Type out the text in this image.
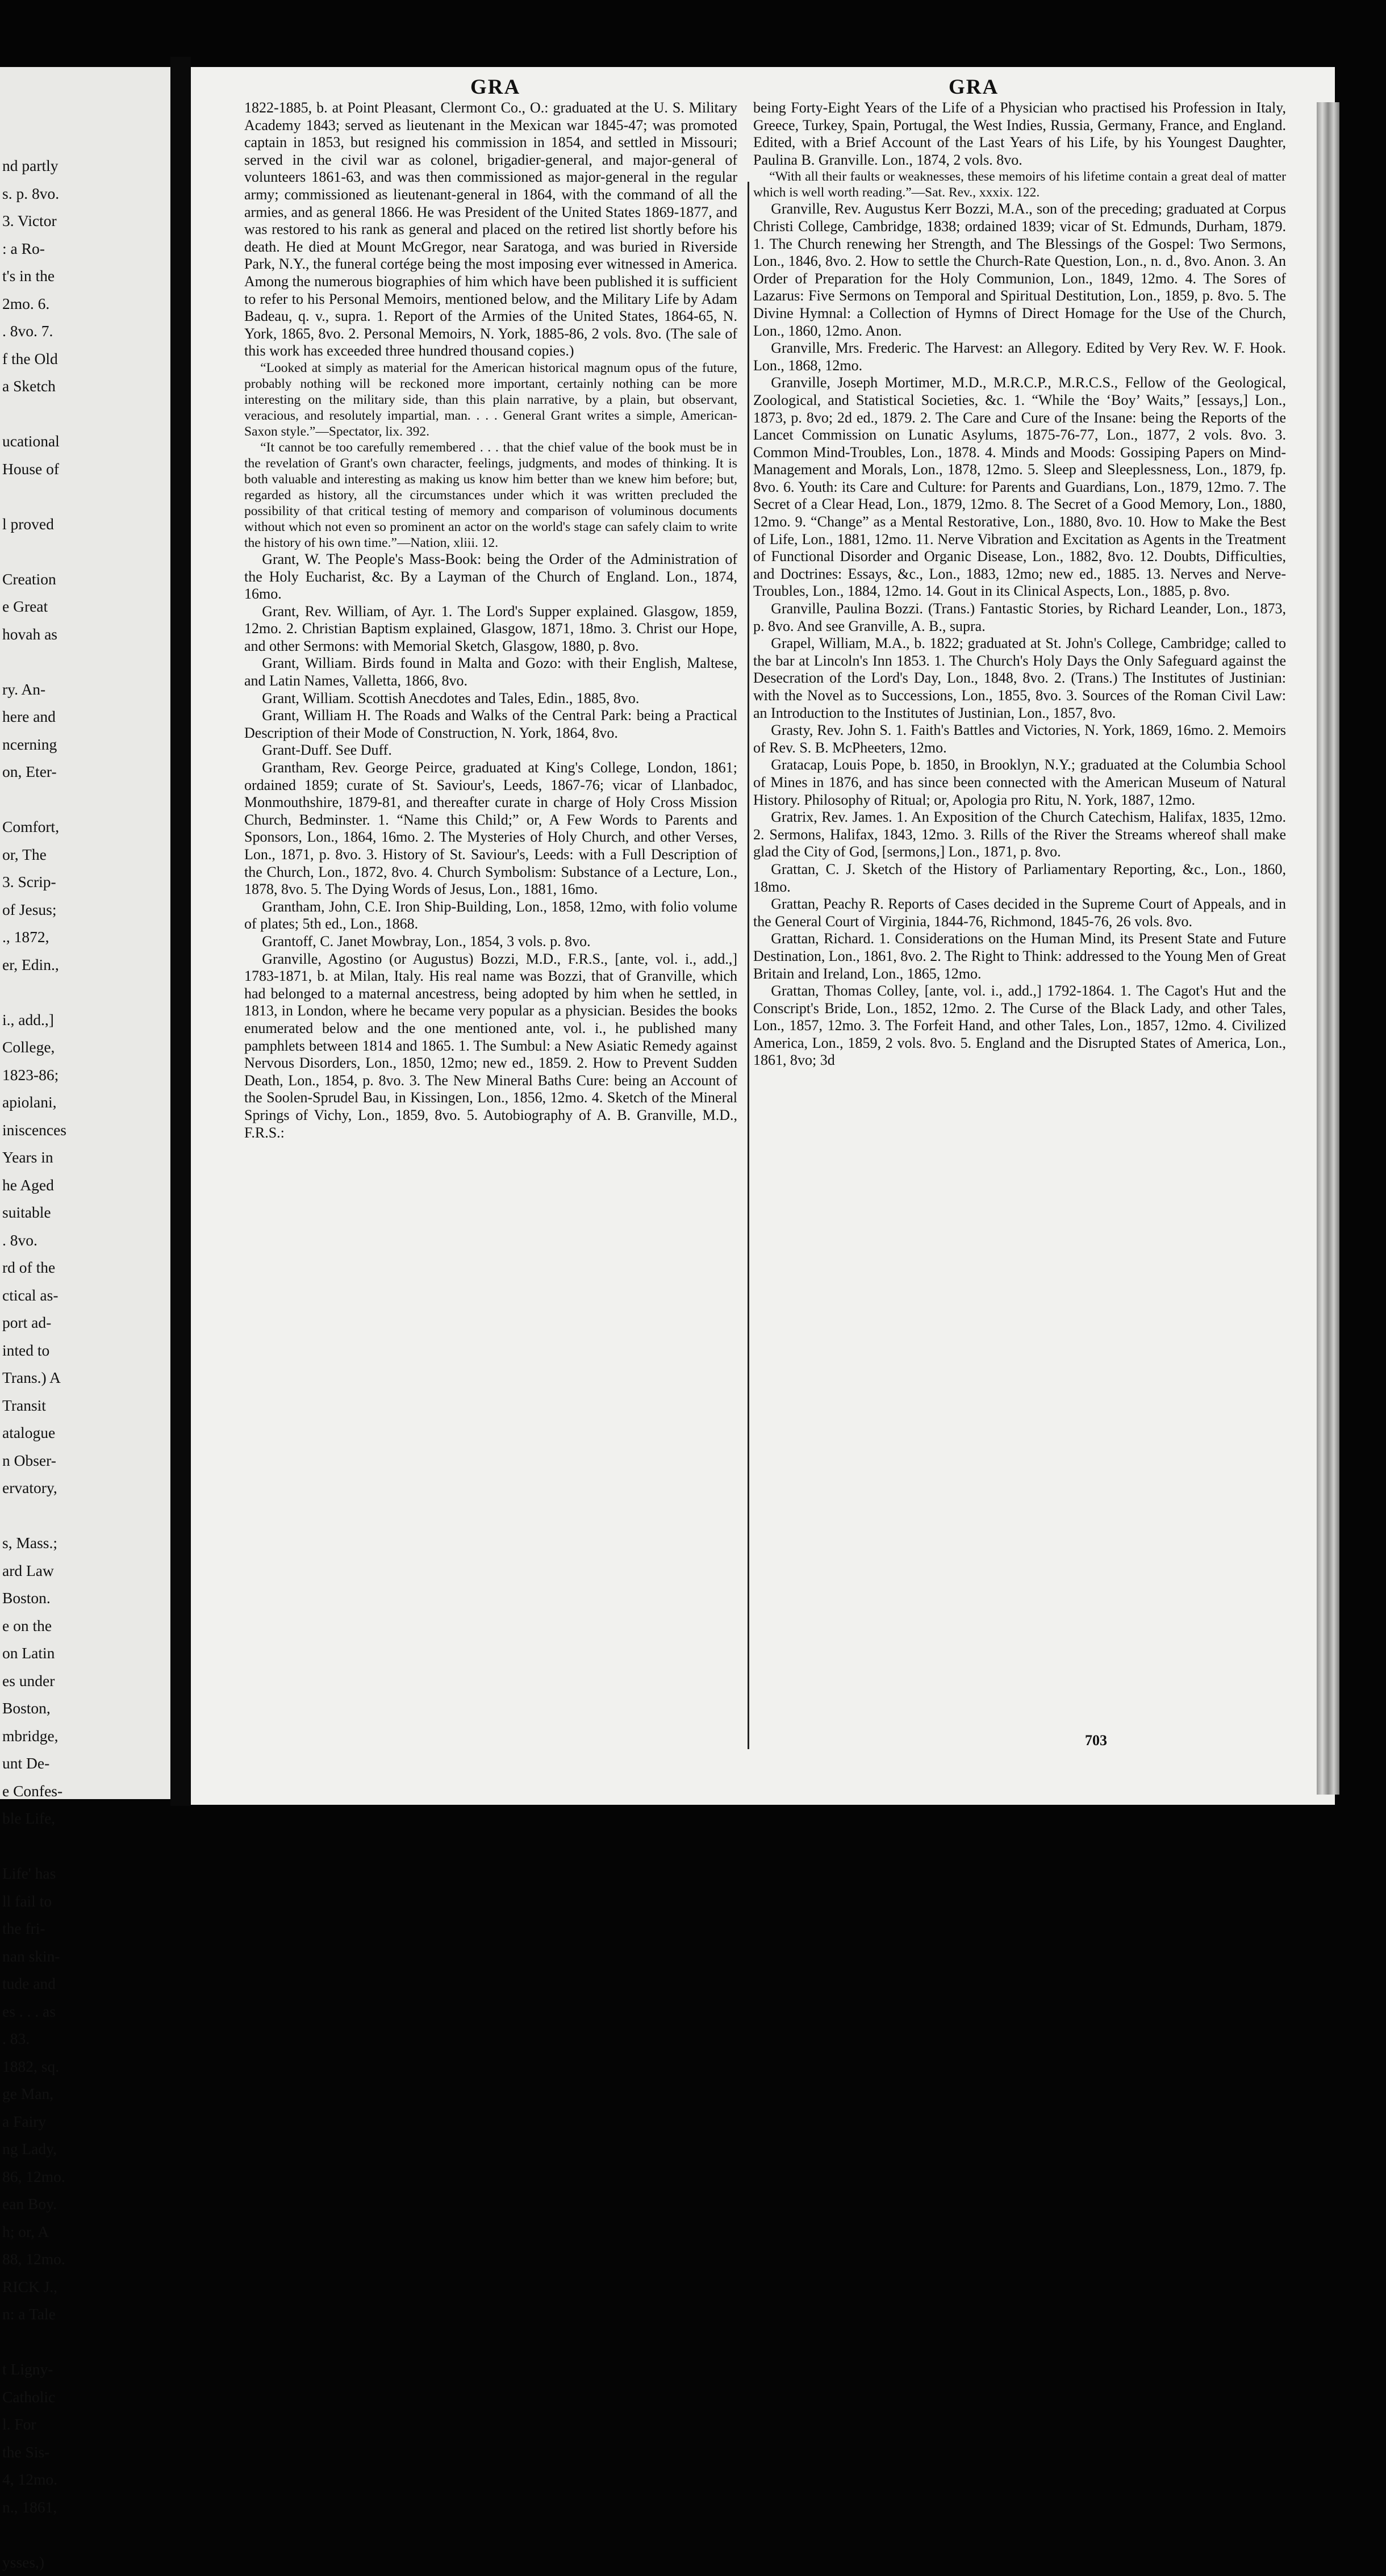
nd partly
s. p. 8vo.
3. Victor
: a Ro-
t's in the
2mo. 6.
. 8vo. 7.
f the Old
a Sketch

ucational
House of

l proved

Creation
e Great
hovah as

ry. An-
here and
ncerning
on, Eter-

Comfort,
or, The
3. Scrip-
of Jesus;
., 1872,
er, Edin.,

i., add.,]
College,
1823-86;
apiolani,
iniscences
Years in
he Aged
suitable
. 8vo.
rd of the
ctical as-
port ad-
inted to
Trans.) A
Transit
atalogue
n Obser-
ervatory,

s, Mass.;
ard Law
Boston.
e on the
on Latin
es under
Boston,
mbridge,
unt De-
e Confes-
ble Life,

Life' has
ll fail to
the fri-
nan skin-
tude and
es . . . as
. 83.
1882, sq.
ge Man,
a Fairy
ng Lady,
86, 12mo.
ean Boy.
h; or, A
88, 12mo.
RICK J.,
n: a Tale

t Ligny-
Catholic
l. For
the Sis-
4, 12mo.
n., 1861,

ysses,)
GRA	GRA

1822-1885, b. at Point Pleasant, Clermont Co., O.: graduated at the U. S. Military Academy 1843; served as lieutenant in the Mexican war 1845-47; was promoted captain in 1853, but resigned his commission in 1854, and settled in Missouri; served in the civil war as colonel, brigadier-general, and major-general of volunteers 1861-63, and was then commissioned as major-general in the regular army; commissioned as lieutenant-general in 1864, with the command of all the armies, and as general 1866. He was President of the United States 1869-1877, and was restored to his rank as general and placed on the retired list shortly before his death. He died at Mount McGregor, near Saratoga, and was buried in Riverside Park, N.Y., the funeral cortége being the most imposing ever witnessed in America. Among the numerous biographies of him which have been published it is sufficient to refer to his Personal Memoirs, mentioned below, and the Military Life by Adam Badeau, q. v., supra. 1. Report of the Armies of the United States, 1864-65, N. York, 1865, 8vo. 2. Personal Memoirs, N. York, 1885-86, 2 vols. 8vo. (The sale of this work has exceeded three hundred thousand copies.)

“Looked at simply as material for the American historical magnum opus of the future, probably nothing will be reckoned more important, certainly nothing can be more interesting on the military side, than this plain narrative, by a plain, but observant, veracious, and resolutely impartial, man. . . . General Grant writes a simple, American-Saxon style.”—Spectator, lix. 392.

“It cannot be too carefully remembered . . . that the chief value of the book must be in the revelation of Grant's own character, feelings, judgments, and modes of thinking. It is both valuable and interesting as making us know him better than we knew him before; but, regarded as history, all the circumstances under which it was written precluded the possibility of that critical testing of memory and comparison of voluminous documents without which not even so prominent an actor on the world's stage can safely claim to write the history of his own time.”—Nation, xliii. 12.

Grant, W. The People's Mass-Book: being the Order of the Administration of the Holy Eucharist, &c. By a Layman of the Church of England. Lon., 1874, 16mo.

Grant, Rev. William, of Ayr. 1. The Lord's Supper explained. Glasgow, 1859, 12mo. 2. Christian Baptism explained, Glasgow, 1871, 18mo. 3. Christ our Hope, and other Sermons: with Memorial Sketch, Glasgow, 1880, p. 8vo.

Grant, William. Birds found in Malta and Gozo: with their English, Maltese, and Latin Names, Valletta, 1866, 8vo.

Grant, William. Scottish Anecdotes and Tales, Edin., 1885, 8vo.

Grant, William H. The Roads and Walks of the Central Park: being a Practical Description of their Mode of Construction, N. York, 1864, 8vo.

Grant-Duff. See Duff.

Grantham, Rev. George Peirce, graduated at King's College, London, 1861; ordained 1859; curate of St. Saviour's, Leeds, 1867-76; vicar of Llanbadoc, Monmouthshire, 1879-81, and thereafter curate in charge of Holy Cross Mission Church, Bedminster. 1. “Name this Child;” or, A Few Words to Parents and Sponsors, Lon., 1864, 16mo. 2. The Mysteries of Holy Church, and other Verses, Lon., 1871, p. 8vo. 3. History of St. Saviour's, Leeds: with a Full Description of the Church, Lon., 1872, 8vo. 4. Church Symbolism: Substance of a Lecture, Lon., 1878, 8vo. 5. The Dying Words of Jesus, Lon., 1881, 16mo.

Grantham, John, C.E. Iron Ship-Building, Lon., 1858, 12mo, with folio volume of plates; 5th ed., Lon., 1868.

Grantoff, C. Janet Mowbray, Lon., 1854, 3 vols. p. 8vo.

Granville, Agostino (or Augustus) Bozzi, M.D., F.R.S., [ante, vol. i., add.,] 1783-1871, b. at Milan, Italy. His real name was Bozzi, that of Granville, which had belonged to a maternal ancestress, being adopted by him when he settled, in 1813, in London, where he became very popular as a physician. Besides the books enumerated below and the one mentioned ante, vol. i., he published many pamphlets between 1814 and 1865. 1. The Sumbul: a New Asiatic Remedy against Nervous Disorders, Lon., 1850, 12mo; new ed., 1859. 2. How to Prevent Sudden Death, Lon., 1854, p. 8vo. 3. The New Mineral Baths Cure: being an Account of the Soolen-Sprudel Bau, in Kissingen, Lon., 1856, 12mo. 4. Sketch of the Mineral Springs of Vichy, Lon., 1859, 8vo. 5. Autobiography of A. B. Granville, M.D., F.R.S.:

being Forty-Eight Years of the Life of a Physician who practised his Profession in Italy, Greece, Turkey, Spain, Portugal, the West Indies, Russia, Germany, France, and England. Edited, with a Brief Account of the Last Years of his Life, by his Youngest Daughter, Paulina B. Granville. Lon., 1874, 2 vols. 8vo.

“With all their faults or weaknesses, these memoirs of his lifetime contain a great deal of matter which is well worth reading.”—Sat. Rev., xxxix. 122.

Granville, Rev. Augustus Kerr Bozzi, M.A., son of the preceding; graduated at Corpus Christi College, Cambridge, 1838; ordained 1839; vicar of St. Edmunds, Durham, 1879. 1. The Church renewing her Strength, and The Blessings of the Gospel: Two Sermons, Lon., 1846, 8vo. 2. How to settle the Church-Rate Question, Lon., n. d., 8vo. Anon. 3. An Order of Preparation for the Holy Communion, Lon., 1849, 12mo. 4. The Sores of Lazarus: Five Sermons on Temporal and Spiritual Destitution, Lon., 1859, p. 8vo. 5. The Divine Hymnal: a Collection of Hymns of Direct Homage for the Use of the Church, Lon., 1860, 12mo. Anon.

Granville, Mrs. Frederic. The Harvest: an Allegory. Edited by Very Rev. W. F. Hook. Lon., 1868, 12mo.

Granville, Joseph Mortimer, M.D., M.R.C.P., M.R.C.S., Fellow of the Geological, Zoological, and Statistical Societies, &c. 1. “While the ‘Boy’ Waits,” [essays,] Lon., 1873, p. 8vo; 2d ed., 1879. 2. The Care and Cure of the Insane: being the Reports of the Lancet Commission on Lunatic Asylums, 1875-76-77, Lon., 1877, 2 vols. 8vo. 3. Common Mind-Troubles, Lon., 1878. 4. Minds and Moods: Gossiping Papers on Mind-Management and Morals, Lon., 1878, 12mo. 5. Sleep and Sleeplessness, Lon., 1879, fp. 8vo. 6. Youth: its Care and Culture: for Parents and Guardians, Lon., 1879, 12mo. 7. The Secret of a Clear Head, Lon., 1879, 12mo. 8. The Secret of a Good Memory, Lon., 1880, 12mo. 9. “Change” as a Mental Restorative, Lon., 1880, 8vo. 10. How to Make the Best of Life, Lon., 1881, 12mo. 11. Nerve Vibration and Excitation as Agents in the Treatment of Functional Disorder and Organic Disease, Lon., 1882, 8vo. 12. Doubts, Difficulties, and Doctrines: Essays, &c., Lon., 1883, 12mo; new ed., 1885. 13. Nerves and Nerve-Troubles, Lon., 1884, 12mo. 14. Gout in its Clinical Aspects, Lon., 1885, p. 8vo.

Granville, Paulina Bozzi. (Trans.) Fantastic Stories, by Richard Leander, Lon., 1873, p. 8vo. And see Granville, A. B., supra.

Grapel, William, M.A., b. 1822; graduated at St. John's College, Cambridge; called to the bar at Lincoln's Inn 1853. 1. The Church's Holy Days the Only Safeguard against the Desecration of the Lord's Day, Lon., 1848, 8vo. 2. (Trans.) The Institutes of Justinian: with the Novel as to Successions, Lon., 1855, 8vo. 3. Sources of the Roman Civil Law: an Introduction to the Institutes of Justinian, Lon., 1857, 8vo.

Grasty, Rev. John S. 1. Faith's Battles and Victories, N. York, 1869, 16mo. 2. Memoirs of Rev. S. B. McPheeters, 12mo.

Gratacap, Louis Pope, b. 1850, in Brooklyn, N.Y.; graduated at the Columbia School of Mines in 1876, and has since been connected with the American Museum of Natural History. Philosophy of Ritual; or, Apologia pro Ritu, N. York, 1887, 12mo.

Gratrix, Rev. James. 1. An Exposition of the Church Catechism, Halifax, 1835, 12mo. 2. Sermons, Halifax, 1843, 12mo. 3. Rills of the River the Streams whereof shall make glad the City of God, [sermons,] Lon., 1871, p. 8vo.

Grattan, C. J. Sketch of the History of Parliamentary Reporting, &c., Lon., 1860, 18mo.

Grattan, Peachy R. Reports of Cases decided in the Supreme Court of Appeals, and in the General Court of Virginia, 1844-76, Richmond, 1845-76, 26 vols. 8vo.

Grattan, Richard. 1. Considerations on the Human Mind, its Present State and Future Destination, Lon., 1861, 8vo. 2. The Right to Think: addressed to the Young Men of Great Britain and Ireland, Lon., 1865, 12mo.

Grattan, Thomas Colley, [ante, vol. i., add.,] 1792-1864. 1. The Cagot's Hut and the Conscript's Bride, Lon., 1852, 12mo. 2. The Curse of the Black Lady, and other Tales, Lon., 1857, 12mo. 3. The Forfeit Hand, and other Tales, Lon., 1857, 12mo. 4. Civilized America, Lon., 1859, 2 vols. 8vo. 5. England and the Disrupted States of America, Lon., 1861, 8vo; 3d

703
